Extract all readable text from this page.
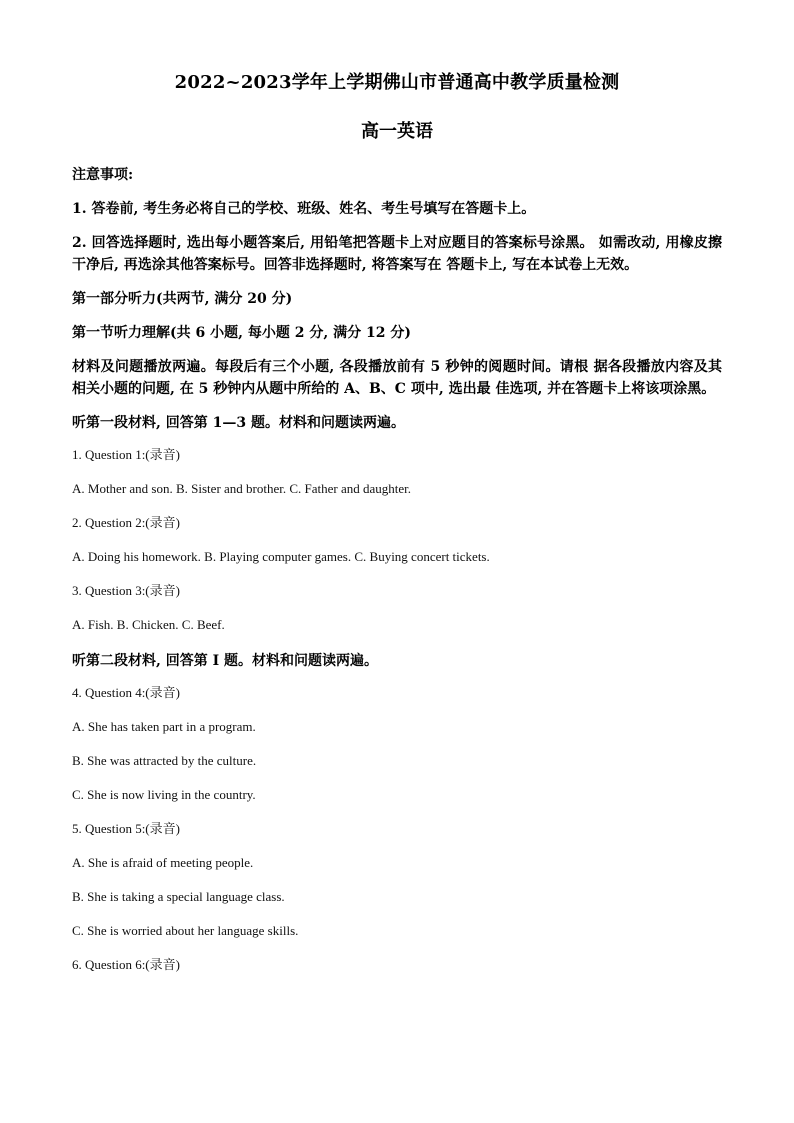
2022~2023学年上学期佛山市普通高中教学质量检测
高一英语
注意事项:
1. 答卷前, 考生务必将自己的学校、班级、姓名、考生号填写在答题卡上。
2. 回答选择题时, 选出每小题答案后, 用铅笔把答题卡上对应题目的答案标号涂黑。 如需改动, 用橡皮擦干净后, 再选涂其他答案标号。回答非选择题时, 将答案写在 答题卡上, 写在本试卷上无效。
第一部分听力(共两节, 满分 20 分)
第一节听力理解(共 6 小题, 每小题 2 分, 满分 12 分)
材料及问题播放两遍。每段后有三个小题, 各段播放前有 5 秒钟的阅题时间。请根 据各段播放内容及其相关小题的问题, 在 5 秒钟内从题中所给的 A、B、C 项中, 选出最 佳选项, 并在答题卡上将该项涂黑。
听第一段材料, 回答第 1—3 题。材料和问题读两遍。
1. Question 1:(录音)
A. Mother and son. B. Sister and brother. C. Father and daughter.
2. Question 2:(录音)
A. Doing his homework. B. Playing computer games. C. Buying concert tickets.
3. Question 3:(录音)
A. Fish. B. Chicken. C. Beef.
听第二段材料, 回答第 I 题。材料和问题读两遍。
4. Question 4:(录音)
A. She has taken part in a program.
B. She was attracted by the culture.
C. She is now living in the country.
5. Question 5:(录音)
A. She is afraid of meeting people.
B. She is taking a special language class.
C. She is worried about her language skills.
6. Question 6:(录音)
